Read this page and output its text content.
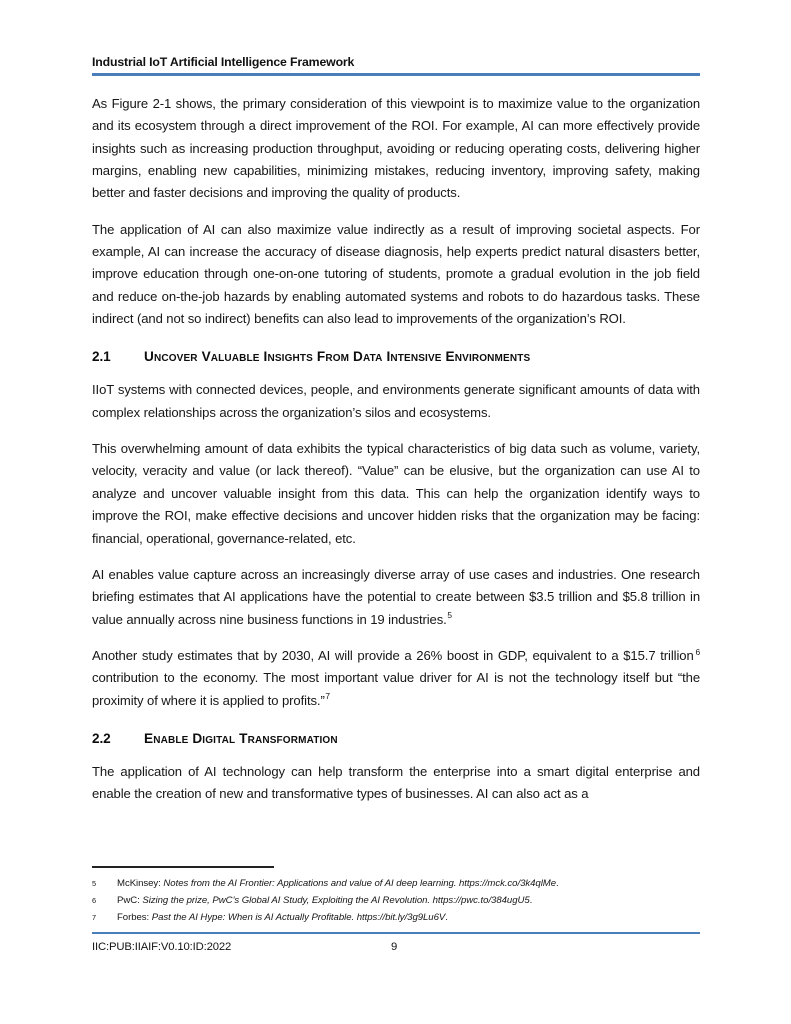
Industrial IoT Artificial Intelligence Framework

As Figure 2-1 shows, the primary consideration of this viewpoint is to maximize value to the organization and its ecosystem through a direct improvement of the ROI. For example, AI can more effectively provide insights such as increasing production throughput, avoiding or reducing operating costs, delivering higher margins, enabling new capabilities, minimizing mistakes, reducing inventory, improving safety, making better and faster decisions and improving the quality of products.

The application of AI can also maximize value indirectly as a result of improving societal aspects. For example, AI can increase the accuracy of disease diagnosis, help experts predict natural disasters better, improve education through one-on-one tutoring of students, promote a gradual evolution in the job field and reduce on-the-job hazards by enabling automated systems and robots to do hazardous tasks. These indirect (and not so indirect) benefits can also lead to improvements of the organization’s ROI.

2.1	Uncover Valuable Insights From Data Intensive Environments

IIoT systems with connected devices, people, and environments generate significant amounts of data with complex relationships across the organization’s silos and ecosystems.

This overwhelming amount of data exhibits the typical characteristics of big data such as volume, variety, velocity, veracity and value (or lack thereof). “Value” can be elusive, but the organization can use AI to analyze and uncover valuable insight from this data. This can help the organization identify ways to improve the ROI, make effective decisions and uncover hidden risks that the organization may be facing: financial, operational, governance-related, etc.

AI enables value capture across an increasingly diverse array of use cases and industries. One research briefing estimates that AI applications have the potential to create between $3.5 trillion and $5.8 trillion in value annually across nine business functions in 19 industries.$^5$

Another study estimates that by 2030, AI will provide a 26% boost in GDP, equivalent to a $15.7 trillion $^6$ contribution to the economy. The most important value driver for AI is not the technology itself but “the proximity of where it is applied to profits.”$^7$

2.2	Enable Digital Transformation

The application of AI technology can help transform the enterprise into a smart digital enterprise and enable the creation of new and transformative types of businesses. AI can also act as a

5	McKinsey: Notes from the AI Frontier: Applications and value of AI deep learning. https://mck.co/3k4qlMe.
6	PwC: Sizing the prize, PwC’s Global AI Study, Exploiting the AI Revolution. https://pwc.to/384ugU5.
7	Forbes: Past the AI Hype: When is AI Actually Profitable. https://bit.ly/3g9Lu6V.
IIC:PUB:IIAIF:V0.10:ID:2022	9
